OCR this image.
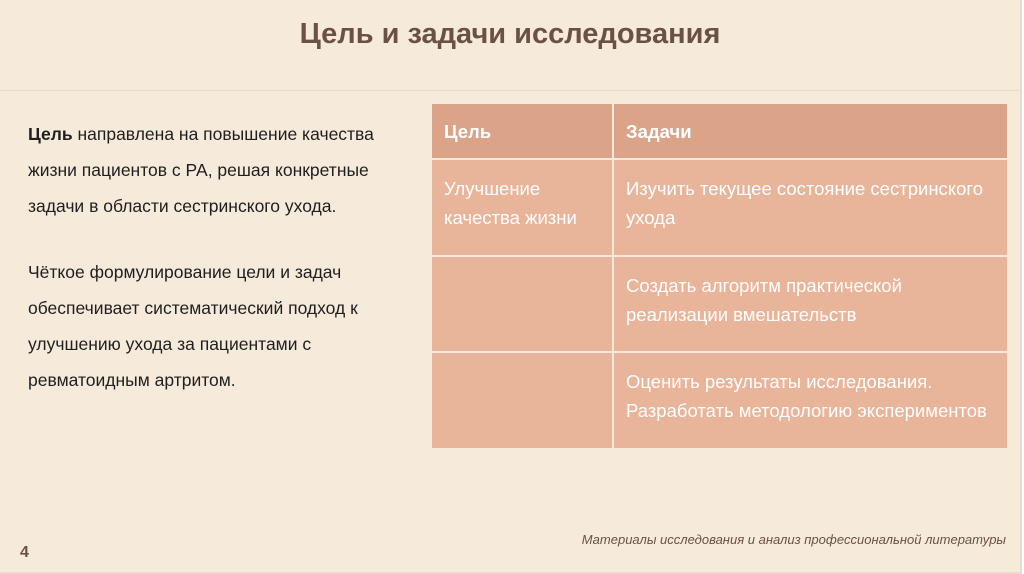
Цель и задачи исследования

Цель направлена на повышение качества жизни пациентов с РА, решая конкретные задачи в области сестринского ухода.

Чёткое формулирование цели и задач обеспечивает систематический подход к улучшению ухода за пациентами с ревматоидным артритом.

Цель	Задачи
Улучшение качества жизни	Изучить текущее состояние сестринского ухода
	Создать алгоритм практической реализации вмешательств
	Оценить результаты исследования. Разработать методологию экспериментов
4
Материалы исследования и анализ профессиональной литературы
